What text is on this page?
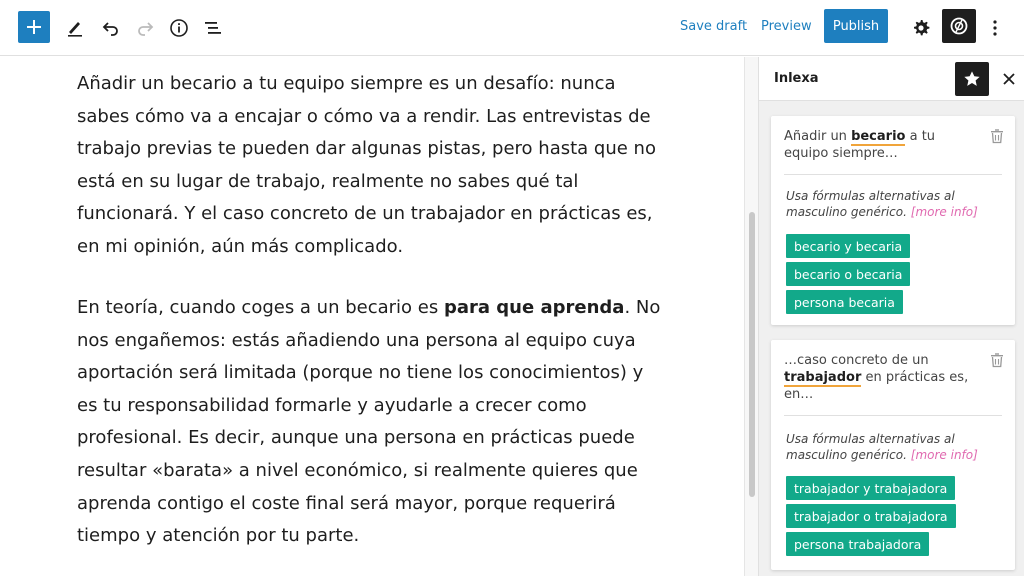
Save draft Preview	Publish

Añadir un becario a tu equipo siempre es un desafío: nunca sabes cómo va a encajar o cómo va a rendir. Las entrevistas de trabajo previas te pueden dar algunas pistas, pero hasta que no está en su lugar de trabajo, realmente no sabes qué tal funcionará. Y el caso concreto de un trabajador en prácticas es, en mi opinión, aún más complicado.

En teoría, cuando coges a un becario es para que aprenda. No nos engañemos: estás añadiendo una persona al equipo cuya aportación será limitada (porque no tiene los conocimientos) y es tu responsabilidad formarle y ayudarle a crecer como profesional. Es decir, aunque una persona en prácticas puede resultar «barata» a nivel económico, si realmente quieres que aprenda contigo el coste final será mayor, porque requerirá tiempo y atención por tu parte.

Inlexa
Añadir un becario a tu equipo siempre…
Usa fórmulas alternativas al masculino genérico. [more info]
becario y becaria
becario o becaria
persona becaria
…caso concreto de un trabajador en prácticas es, en…
Usa fórmulas alternativas al masculino genérico. [more info]
trabajador y trabajadora
trabajador o trabajadora
persona trabajadora
